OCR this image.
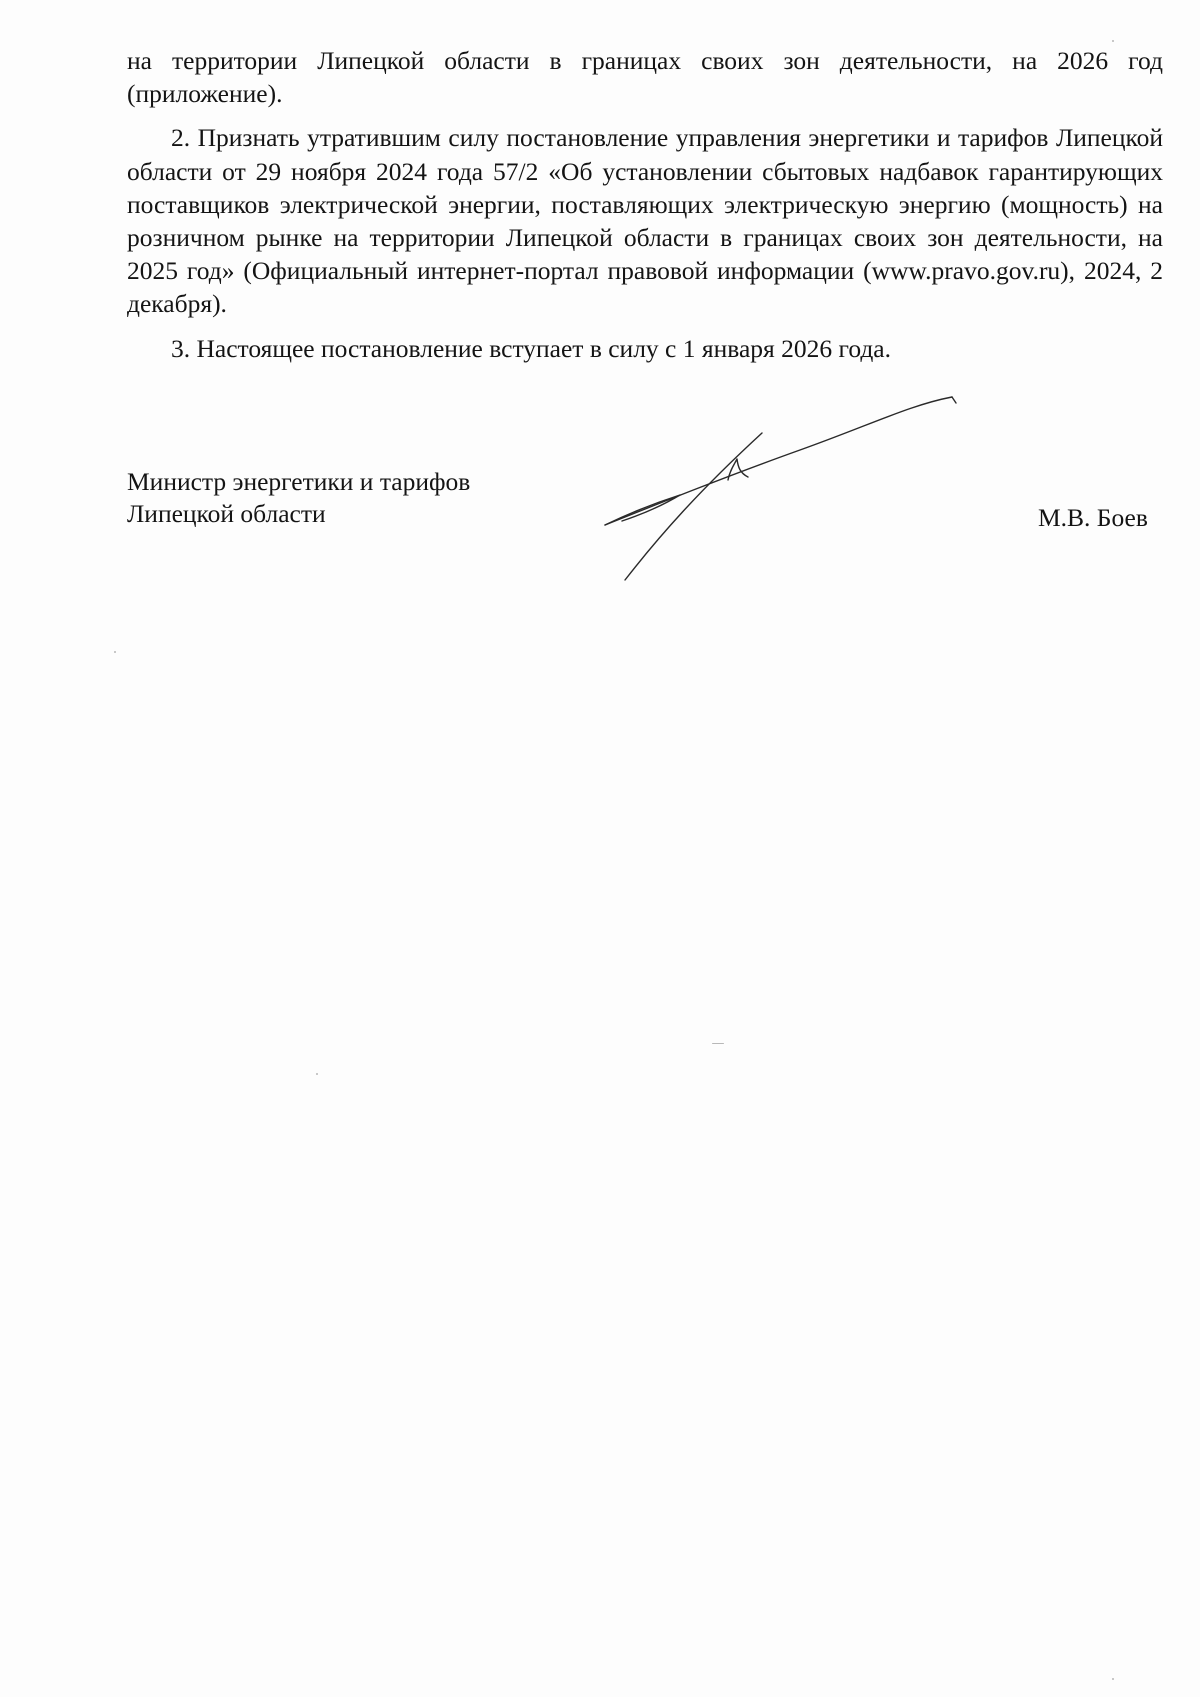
на территории Липецкой области в границах своих зон деятельности, на 2026 год (приложение).

2. Признать утратившим силу постановление управления энергетики и тарифов Липецкой области от 29 ноября 2024 года 57/2 «Об установлении сбытовых надбавок гарантирующих поставщиков электрической энергии, поставляющих электрическую энергию (мощность) на розничном рынке на территории Липецкой области в границах своих зон деятельности, на 2025 год» (Официальный интернет-портал правовой информации (www.pravo.gov.ru), 2024, 2 декабря).

3. Настоящее постановление вступает в силу с 1 января 2026 года.

Министр энергетики и тарифов
Липецкой области	М.В. Боев
